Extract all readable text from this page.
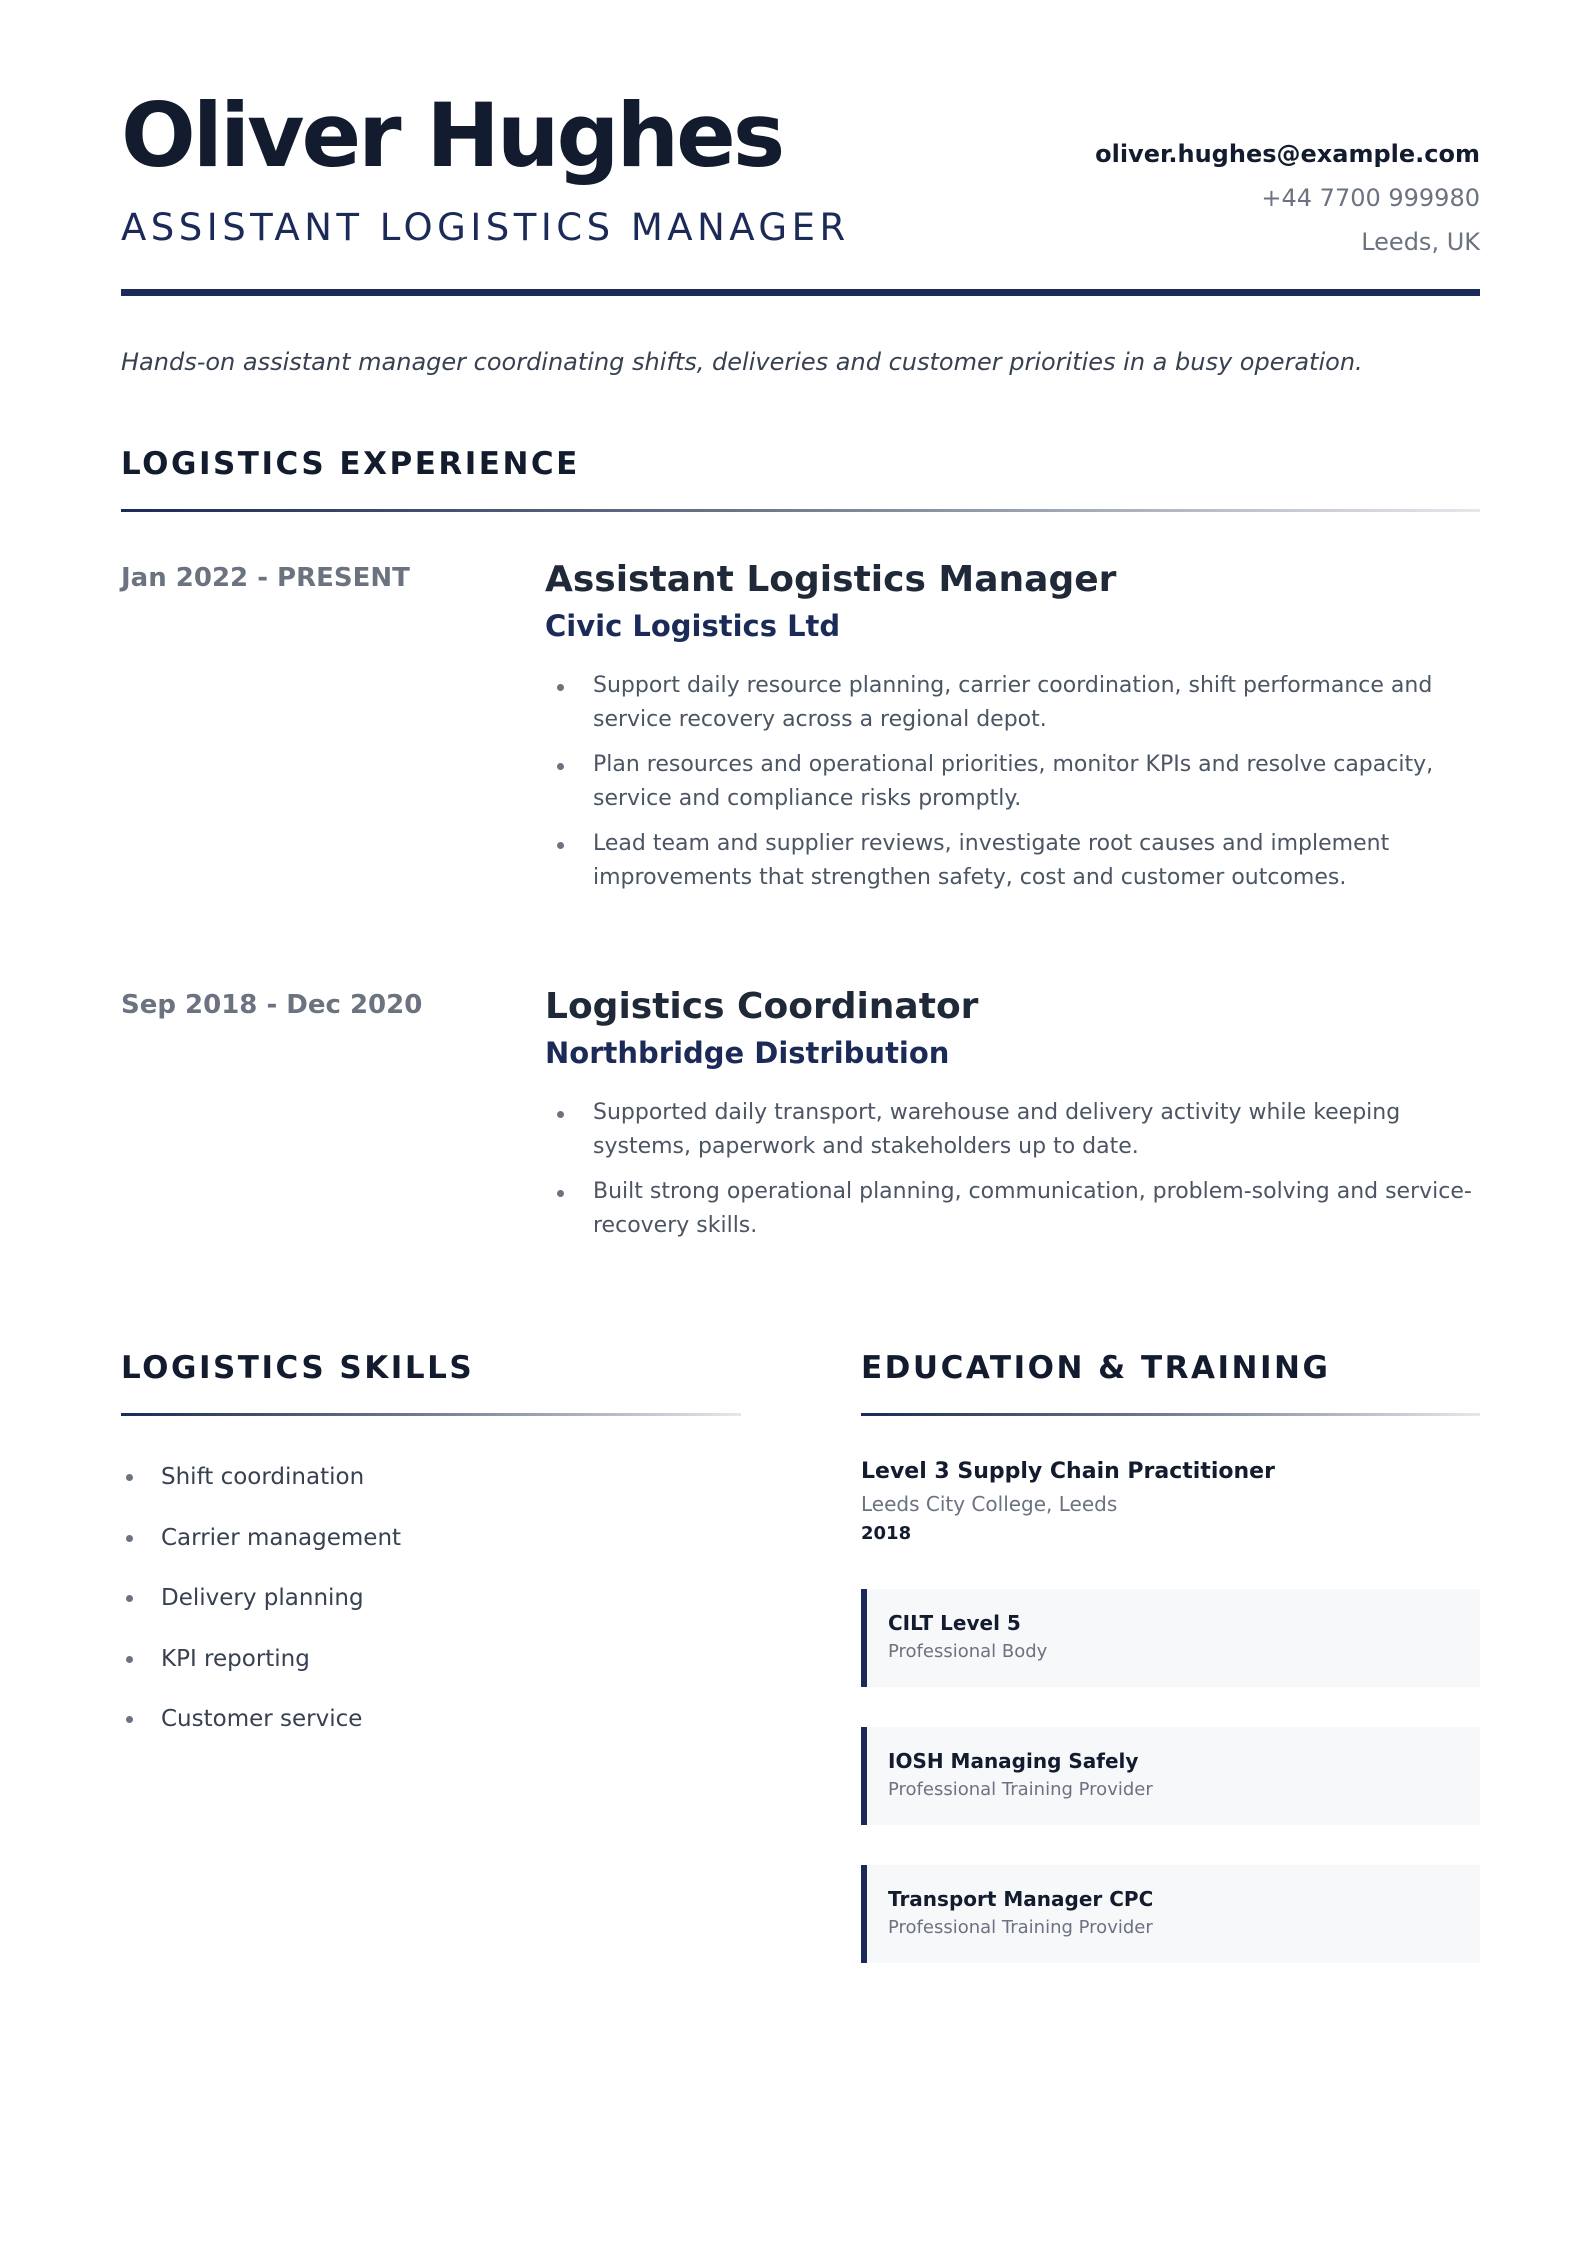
Oliver Hughes
ASSISTANT LOGISTICS MANAGER
oliver.hughes@example.com
+44 7700 999980
Leeds, UK
Hands-on assistant manager coordinating shifts, deliveries and customer priorities in a busy operation.
LOGISTICS EXPERIENCE
Jan 2022 - PRESENT	Assistant Logistics Manager
Civic Logistics Ltd
Support daily resource planning, carrier coordination, shift performance and service recovery across a regional depot.
Plan resources and operational priorities, monitor KPIs and resolve capacity, service and compliance risks promptly.
Lead team and supplier reviews, investigate root causes and implement improvements that strengthen safety, cost and customer outcomes.
Sep 2018 - Dec 2020	Logistics Coordinator
Northbridge Distribution
Supported daily transport, warehouse and delivery activity while keeping systems, paperwork and stakeholders up to date.
Built strong operational planning, communication, problem-solving and service-recovery skills.
LOGISTICS SKILLS
Shift coordination
Carrier management
Delivery planning
KPI reporting
Customer service
EDUCATION & TRAINING
Level 3 Supply Chain Practitioner
Leeds City College, Leeds
2018
CILT Level 5
Professional Body
IOSH Managing Safely
Professional Training Provider
Transport Manager CPC
Professional Training Provider
